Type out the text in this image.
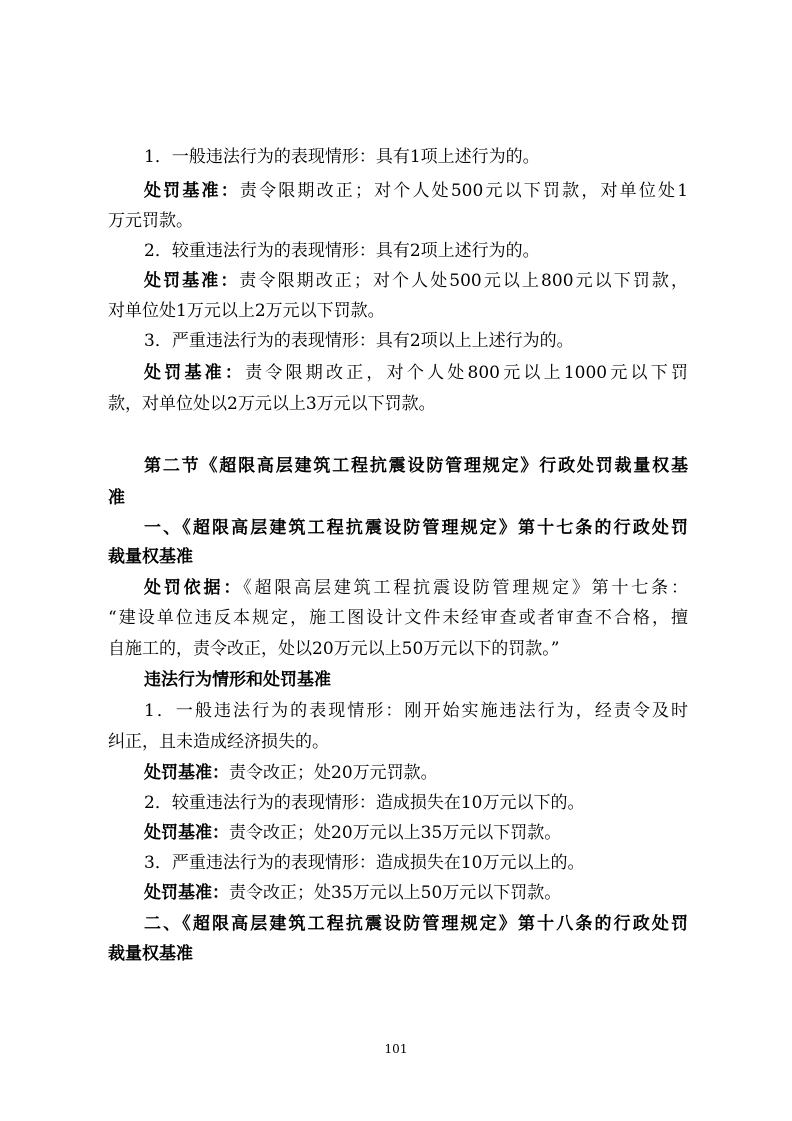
1．一般违法行为的表现情形：具有1项上述行为的。
处罚基准：责令限期改正；对个人处500元以下罚款，对单位处1
万元罚款。
2．较重违法行为的表现情形：具有2项上述行为的。
处罚基准：责令限期改正；对个人处500元以上800元以下罚款，
对单位处1万元以上2万元以下罚款。
3．严重违法行为的表现情形：具有2项以上上述行为的。
处罚基准：责令限期改正，对个人处800元以上1000元以下罚
款，对单位处以2万元以上3万元以下罚款。
第二节《超限高层建筑工程抗震设防管理规定》行政处罚裁量权基
准
一、《超限高层建筑工程抗震设防管理规定》第十七条的行政处罚
裁量权基准
处罚依据：《超限高层建筑工程抗震设防管理规定》第十七条：
“建设单位违反本规定，施工图设计文件未经审查或者审查不合格，擅
自施工的，责令改正，处以20万元以上50万元以下的罚款。”
违法行为情形和处罚基准
1．一般违法行为的表现情形：刚开始实施违法行为，经责令及时
纠正，且未造成经济损失的。
处罚基准：责令改正；处20万元罚款。
2．较重违法行为的表现情形：造成损失在10万元以下的。
处罚基准：责令改正；处20万元以上35万元以下罚款。
3．严重违法行为的表现情形：造成损失在10万元以上的。
处罚基准：责令改正；处35万元以上50万元以下罚款。
二、《超限高层建筑工程抗震设防管理规定》第十八条的行政处罚
裁量权基准
101
